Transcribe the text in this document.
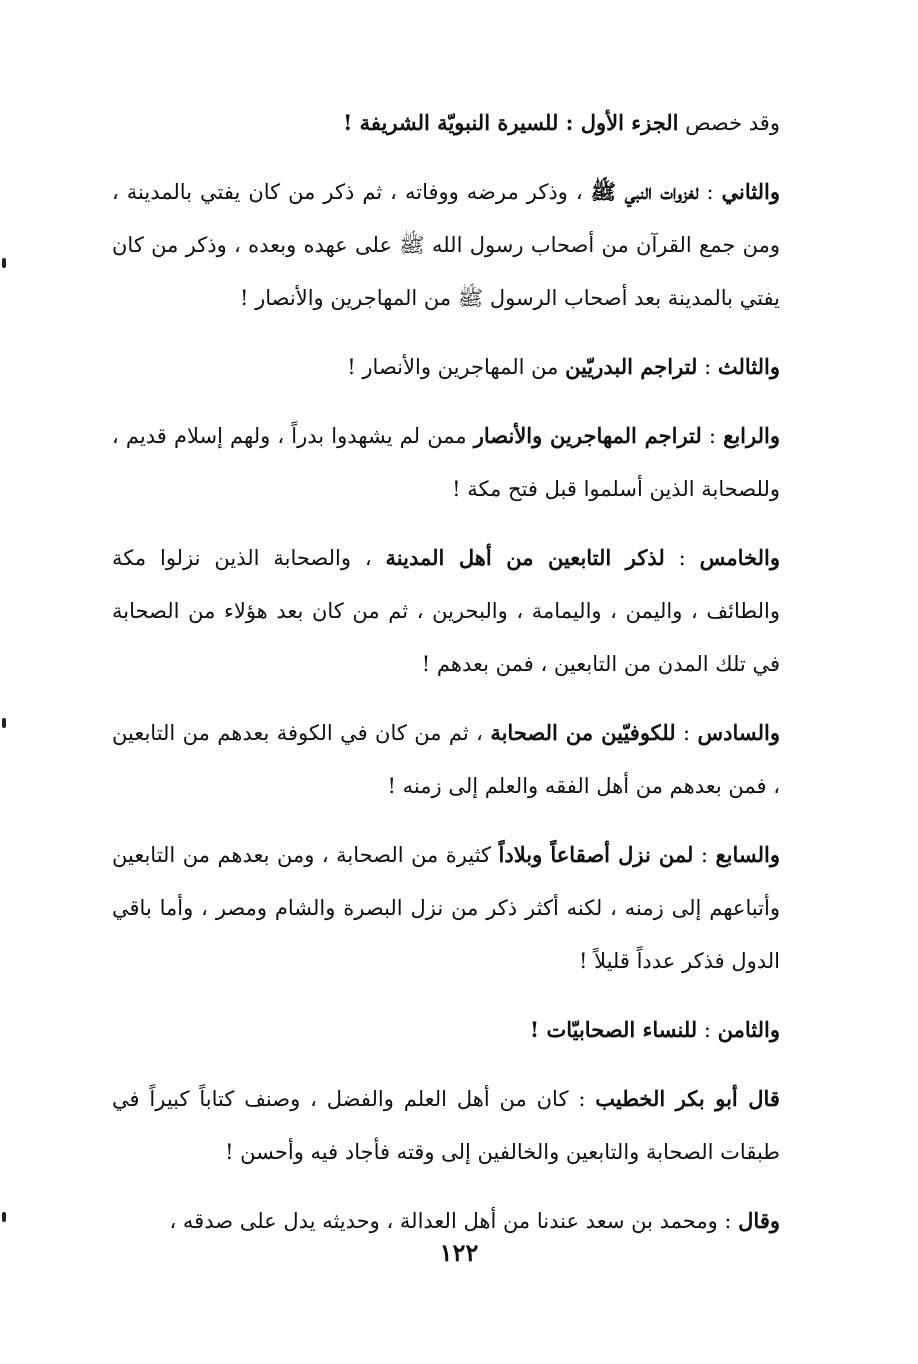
وقد خصص الجزء الأول : للسيرة النبويّة الشريفة !

والثاني : لغزوات النبي ﷺ ، وذكر مرضه ووفاته ، ثم ذكر من كان يفتي بالمدينة ، ومن جمع القرآن من أصحاب رسول الله ﷺ على عهده وبعده ، وذكر من كان يفتي بالمدينة بعد أصحاب الرسول ﷺ من المهاجرين والأنصار !

والثالث : لتراجم البدريّين من المهاجرين والأنصار !

والرابع : لتراجم المهاجرين والأنصار ممن لم يشهدوا بدراً ، ولهم إسلام قديم ، وللصحابة الذين أسلموا قبل فتح مكة !

والخامس : لذكر التابعين من أهل المدينة ، والصحابة الذين نزلوا مكة والطائف ، واليمن ، واليمامة ، والبحرين ، ثم من كان بعد هؤلاء من الصحابة في تلك المدن من التابعين ، فمن بعدهم !

والسادس : للكوفيّين من الصحابة ، ثم من كان في الكوفة بعدهم من التابعين ، فمن بعدهم من أهل الفقه والعلم إلى زمنه !

والسابع : لمن نزل أصقاعاً وبلاداً كثيرة من الصحابة ، ومن بعدهم من التابعين وأتباعهم إلى زمنه ، لكنه أكثر ذكر من نزل البصرة والشام ومصر ، وأما باقي الدول فذكر عدداً قليلاً !

والثامن : للنساء الصحابيّات !

قال أبو بكر الخطيب : كان من أهل العلم والفضل ، وصنف كتاباً كبيراً في طبقات الصحابة والتابعين والخالفين إلى وقته فأجاد فيه وأحسن !

وقال : ومحمد بن سعد عندنا من أهل العدالة ، وحديثه يدل على صدقه ،

١٢٢
